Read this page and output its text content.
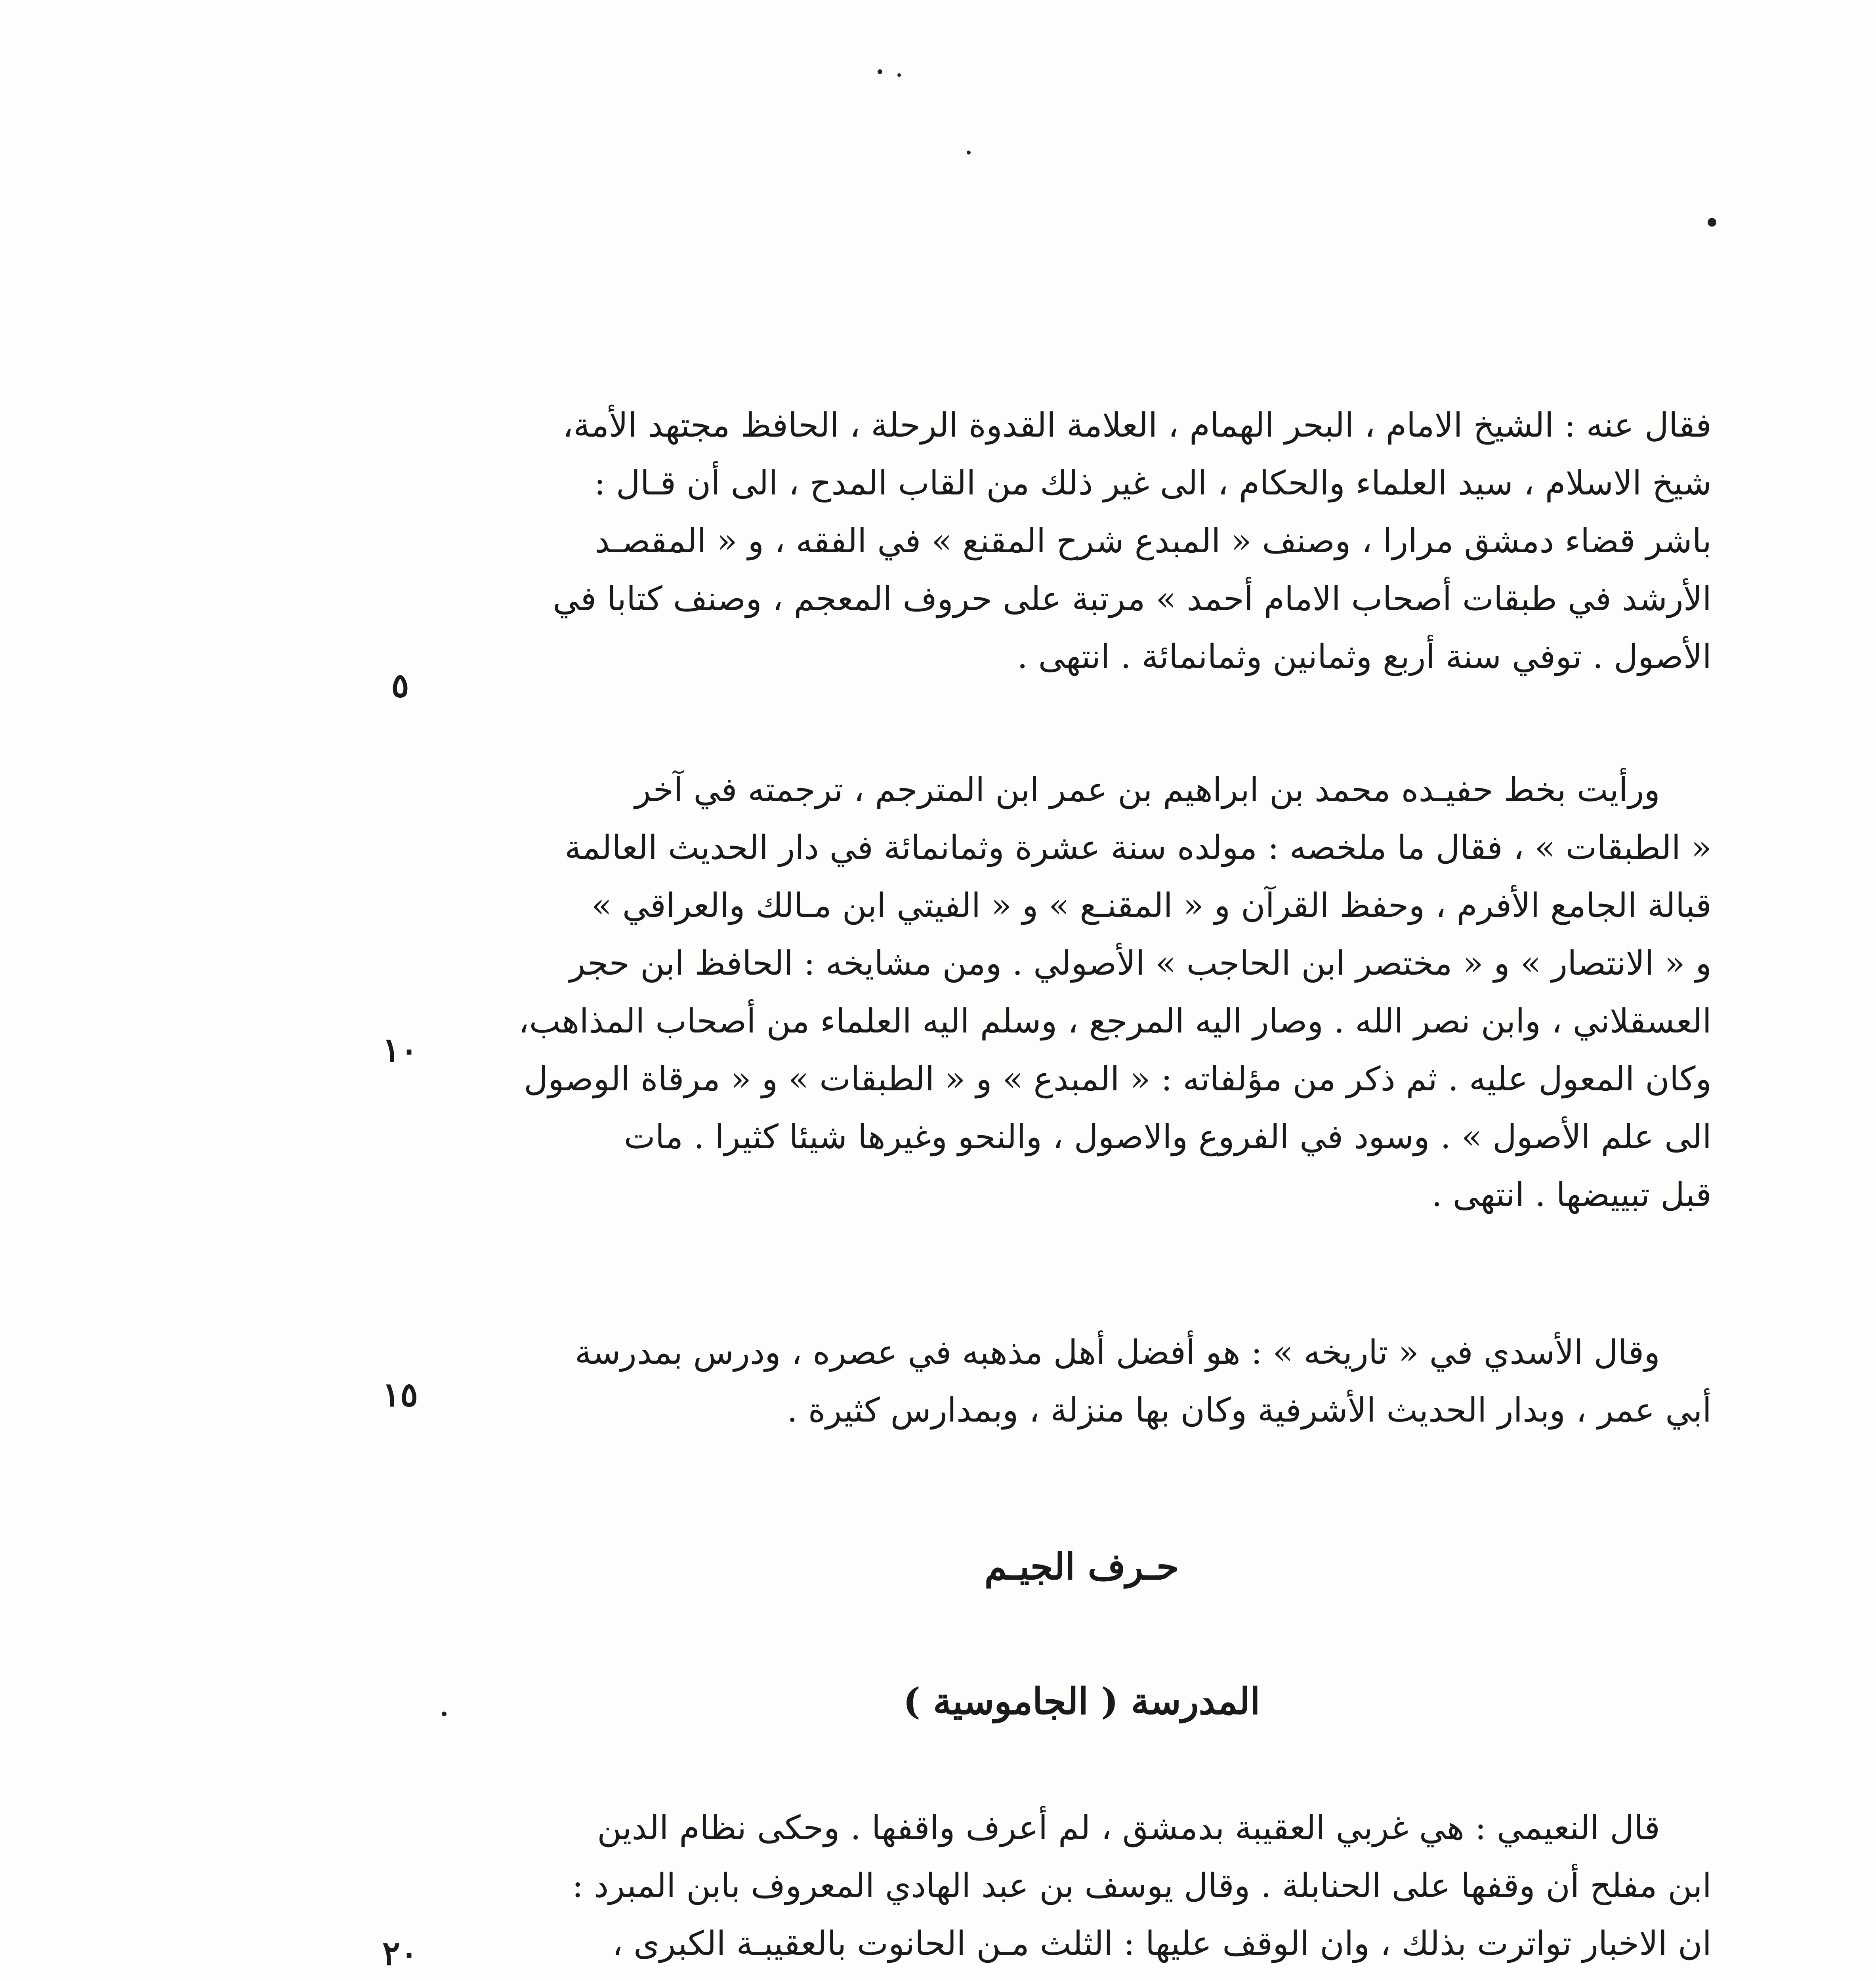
فقال عنه : الشيخ الامام ، البحر الهمام ، العلامة القدوة الرحلة ، الحافظ مجتهد الأمة،
شيخ الاسلام ، سيد العلماء والحكام ، الى غير ذلك من القاب المدح ، الى أن قـال :
باشر قضاء دمشق مرارا ، وصنف « المبدع شرح المقنع » في الفقه ، و « المقصـد
الأرشد في طبقات أصحاب الامام أحمد » مرتبة على حروف المعجم ، وصنف كتابا في
الأصول . توفي سنة أربع وثمانين وثمانمائة . انتهى .
ورأيت بخط حفيـده محمد بن ابراهيم بن عمر ابن المترجم ، ترجمته في آخر
« الطبقات » ، فقال ما ملخصه : مولده سنة عشرة وثمانمائة في دار الحديث العالمة
قبالة الجامع الأفرم ، وحفظ القرآن و « المقنـع » و « الفيتي ابن مـالك والعراقي »
و « الانتصار » و « مختصر ابن الحاجب » الأصولي . ومن مشايخه : الحافظ ابن حجر
العسقلاني ، وابن نصر الله . وصار اليه المرجع ، وسلم اليه العلماء من أصحاب المذاهب،
وكان المعول عليه . ثم ذكر من مؤلفاته : « المبدع » و « الطبقات » و « مرقاة الوصول
الى علم الأصول » . وسود في الفروع والاصول ، والنحو وغيرها شيئا كثيرا . مات
قبل تبييضها . انتهى .
وقال الأسدي في « تاريخه » : هو أفضل أهل مذهبه في عصره ، ودرس بمدرسة
أبي عمر ، وبدار الحديث الأشرفية وكان بها منزلة ، وبمدارس كثيرة .
حـرف الجيـم
المدرسة ( الجاموسية )
قال النعيمي : هي غربي العقيبة بدمشق ، لم أعرف واقفها . وحكى نظام الدين
ابن مفلح أن وقفها على الحنابلة . وقال يوسف بن عبد الهادي المعروف بابن المبرد :
ان الاخبار تواترت بذلك ، وان الوقف عليها : الثلث مـن الحانوت بالعقيبـة الكبرى ،
٥
١٠
١٥
٢٠
